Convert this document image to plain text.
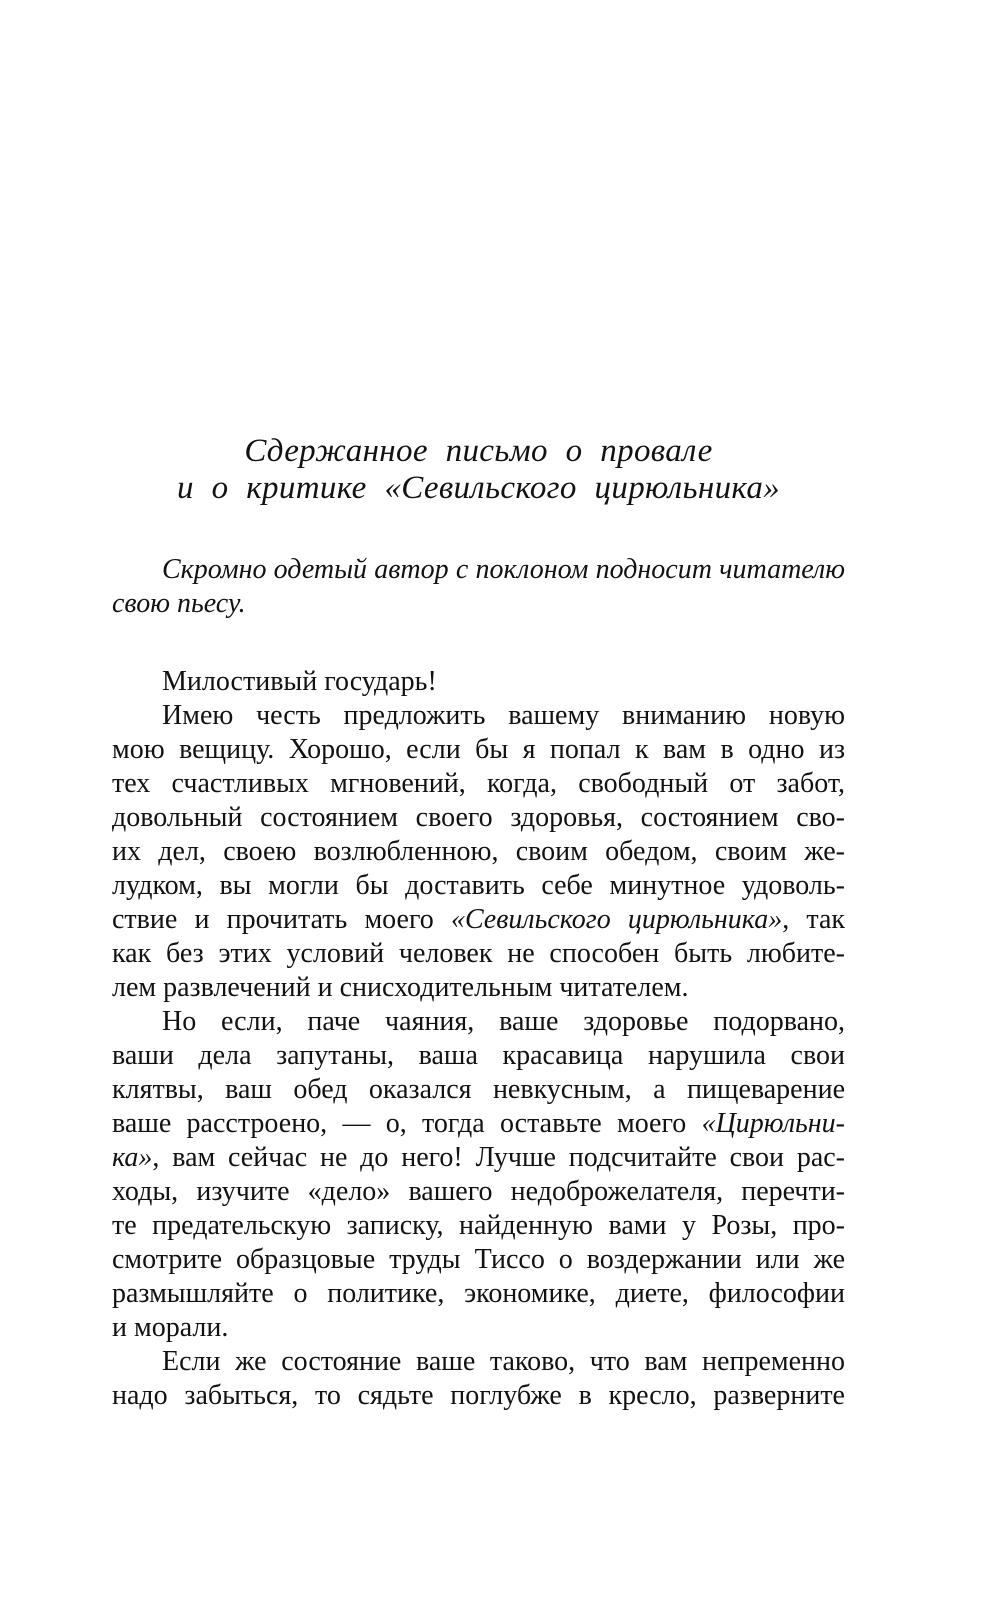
Сдержанное письмо о провале
и о критике «Севильского цирюльника»
Скромно одетый автор с поклоном подносит читателю
свою пьесу.
Милостивый государь!
Имею честь предложить вашему вниманию новую
мою вещицу. Хорошо, если бы я попал к вам в одно из
тех счастливых мгновений, когда, свободный от забот,
довольный состоянием своего здоровья, состоянием сво-
их дел, своею возлюбленною, своим обедом, своим же-
лудком, вы могли бы доставить себе минутное удоволь-
ствие и прочитать моего «Севильского цирюльника», так
как без этих условий человек не способен быть любите-
лем развлечений и снисходительным читателем.
Но если, паче чаяния, ваше здоровье подорвано,
ваши дела запутаны, ваша красавица нарушила свои
клятвы, ваш обед оказался невкусным, а пищеварение
ваше расстроено, — о, тогда оставьте моего «Цирюльни-
ка», вам сейчас не до него! Лучше подсчитайте свои рас-
ходы, изучите «дело» вашего недоброжелателя, перечти-
те предательскую записку, найденную вами у Розы, про-
смотрите образцовые труды Тиссо о воздержании или же
размышляйте о политике, экономике, диете, философии
и морали.
Если же состояние ваше таково, что вам непременно
надо забыться, то сядьте поглубже в кресло, разверните
